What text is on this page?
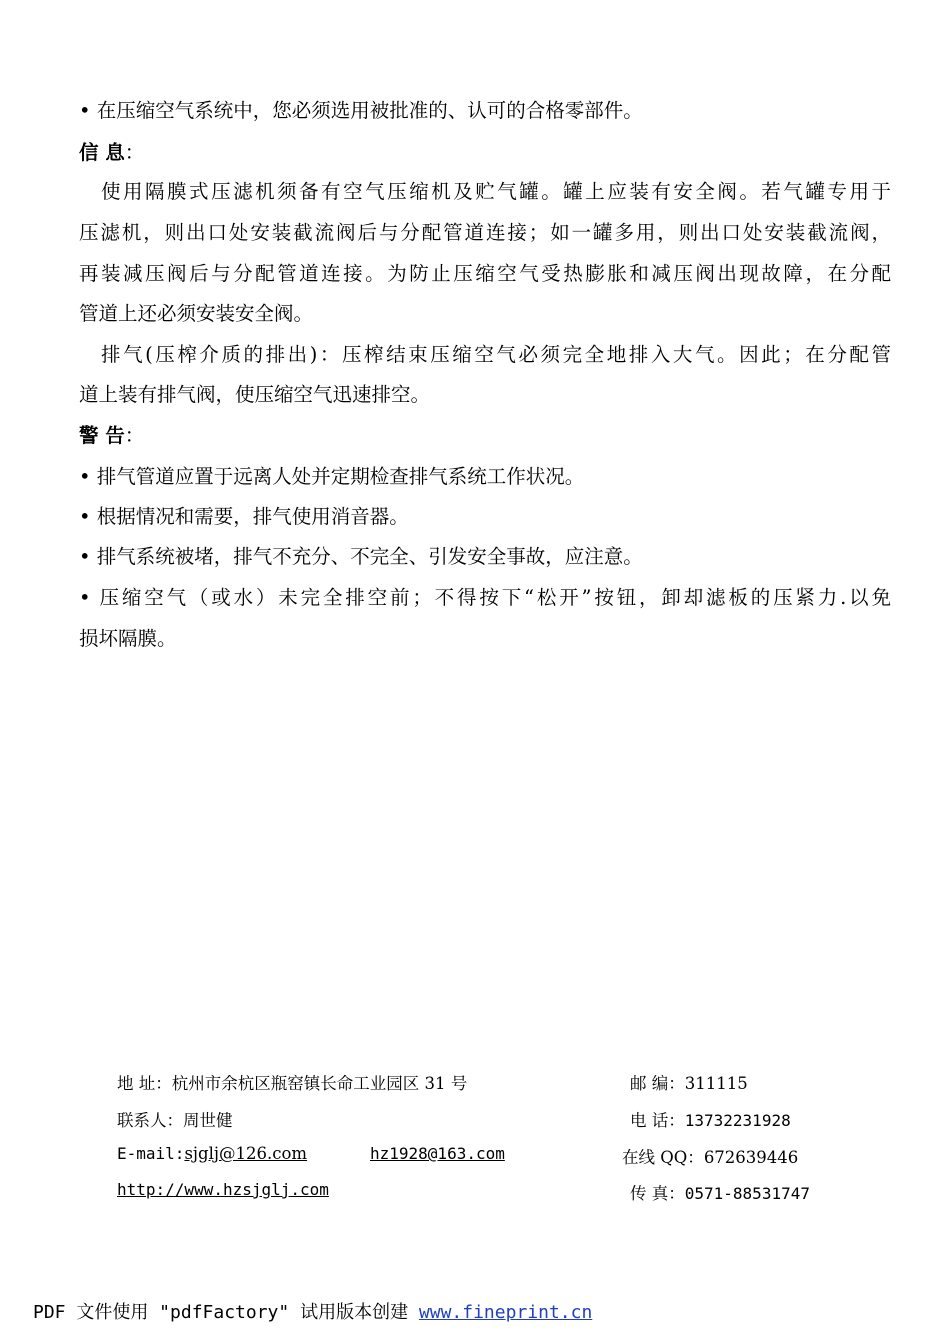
• 在压缩空气系统中，您必须选用被批准的、认可的合格零部件。
信 息：
使用隔膜式压滤机须备有空气压缩机及贮气罐。罐上应装有安全阀。若气罐专用于
压滤机，则出口处安装截流阀后与分配管道连接；如一罐多用，则出口处安装截流阀，
再装减压阀后与分配管道连接。为防止压缩空气受热膨胀和减压阀出现故障，在分配
管道上还必须安装安全阀。
排气(压榨介质的排出)：压榨结束压缩空气必须完全地排入大气。因此；在分配管
道上装有排气阀，使压缩空气迅速排空。
警 告：
• 排气管道应置于远离人处并定期检查排气系统工作状况。
• 根据情况和需要，排气使用消音器。
• 排气系统被堵，排气不充分、不完全、引发安全事故，应注意。
• 压缩空气（或水）未完全排空前；不得按下“松开”按钮，卸却滤板的压紧力.以免
损坏隔膜。
地 址：杭州市余杭区瓶窑镇长命工业园区 31 号	邮 编：311115
联系人：周世健	电 话：13732231928
E-mail:sjglj@126.com	hz1928@163.com	在线 QQ：672639446
http://www.hzsjglj.com	传 真：0571-88531747
PDF 文件使用 "pdfFactory" 试用版本创建 www.fineprint.cn
